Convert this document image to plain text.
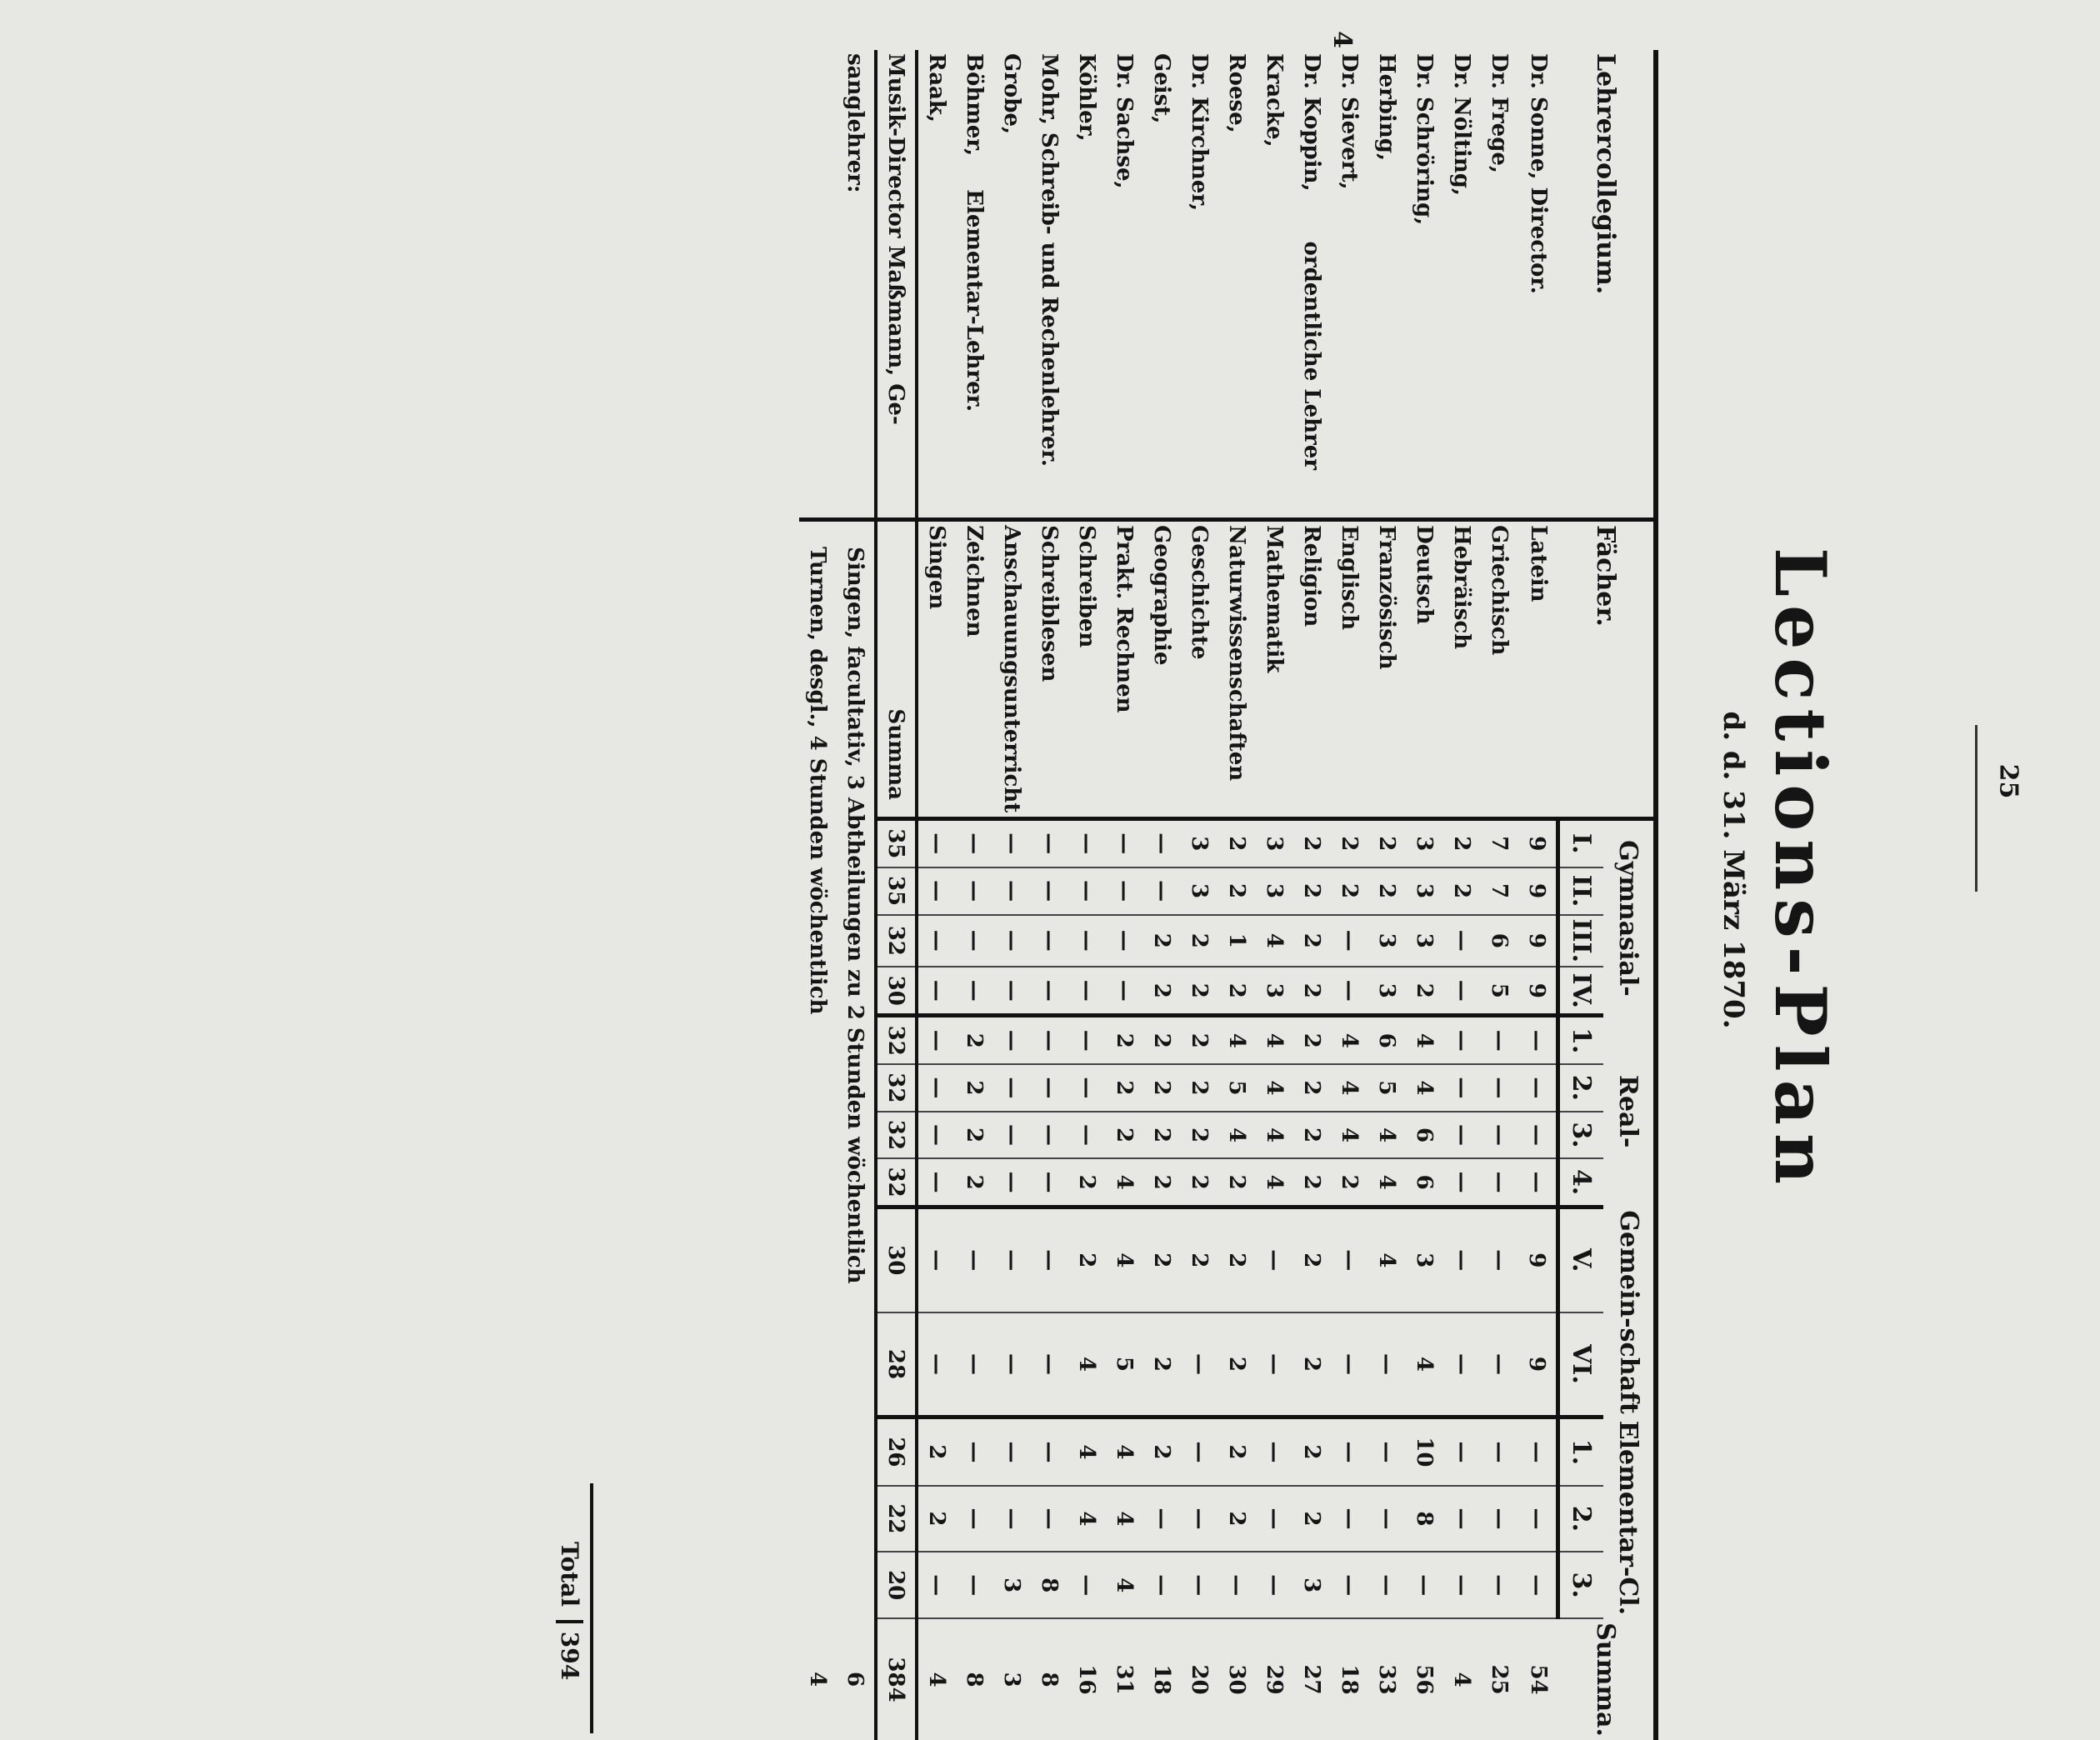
25
4
Lections-Plan
d. d. 31. März 1870.
Lehrercollegium.	Fächer.	Gymnasial-				Real-				Gemein-schaft		Elementar-Cl.			Summa.
		I.	II.	III.	IV.	1.	2.	3.	4.	V.	VI.	1.	2.	3.	
Dr. Sonne, Director.	Latein	9	9	9	9	—	—	—	—	9	9	—	—	—	54
Dr. Frege,	Griechisch	7	7	6	5	—	—	—	—	—	—	—	—	—	25
Dr. Nölting,	Hebräisch	2	2	—	—	—	—	—	—	—	—	—	—	—	4
Dr. Schröring,	Deutsch	3	3	3	2	4	4	6	6	3	4	10	8	—	56
Herbing,	Französisch	2	2	3	3	6	5	4	4	4	—	—	—	—	33
Dr. Sievert,	Englisch	2	2	—	—	4	4	4	2	—	—	—	—	—	18
Dr. Koppin,ordentliche Lehrer	Religion	2	2	2	2	2	2	2	2	2	2	2	2	3	27
Kracke,	Mathematik	3	3	4	3	4	4	4	4	—	—	—	—	—	29
Roese,	Naturwissenschaften	2	2	1	2	4	5	4	2	2	2	2	2	—	30
Dr. Kirchner,	Geschichte	3	3	2	2	2	2	2	2	2	—	—	—	—	20
Geist,	Geographie	—	—	2	2	2	2	2	2	2	2	2	—	—	18
Dr. Sachse,	Prakt. Rechnen	—	—	—	—	2	2	2	4	4	5	4	4	4	31
Köhler,	Schreiben	—	—	—	—	—	—	—	2	2	4	4	4	—	16
Mohr, Schreib- und Rechenlehrer.	Schreiblesen	—	—	—	—	—	—	—	—	—	—	—	—	8	8
Grobe,	Anschauungsunterricht	—	—	—	—	—	—	—	—	—	—	—	—	3	3
Böhmer,Elementar-Lehrer.	Zeichnen	—	—	—	—	2	2	2	2	—	—	—	—	—	8
Raak,	Singen	—	—	—	—	—	—	—	—	—	—	2	2	—	4
Musik-Director Maßmann, Ge-	Summa	35	35	32	30	32	32	32	32	30	28	26	22	20	384
sanglehrer:	Singen, facultativ, 3 Abtheilungen zu 2 Stunden wöchentlich														6
	Turnen, desgl., 4 Stunden wöchentlich														4
Total 394
